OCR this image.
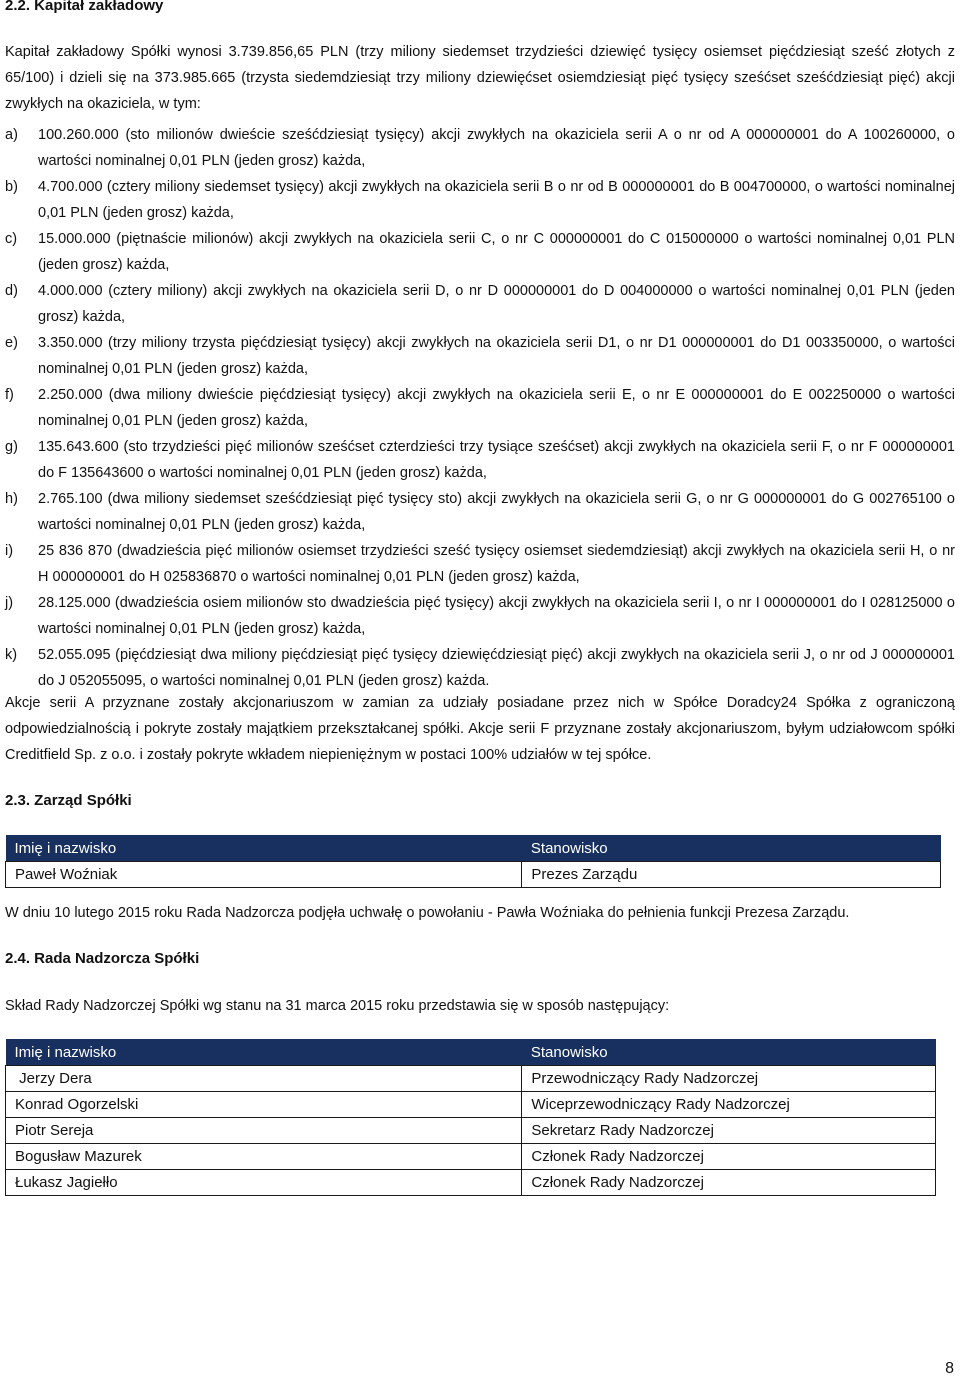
2.2. Kapitał zakładowy

Kapitał zakładowy Spółki wynosi 3.739.856,65 PLN (trzy miliony siedemset trzydzieści dziewięć tysięcy osiemset pięćdziesiąt sześć złotych z 65/100) i dzieli się na 373.985.665 (trzysta siedemdziesiąt trzy miliony dziewięćset osiemdziesiąt pięć tysięcy sześćset sześćdziesiąt pięć) akcji zwykłych na okaziciela, w tym:

a) 100.260.000 (sto milionów dwieście sześćdziesiąt tysięcy) akcji zwykłych na okaziciela serii A o nr od A 000000001 do A 100260000, o wartości nominalnej 0,01 PLN (jeden grosz) każda,
b) 4.700.000 (cztery miliony siedemset tysięcy) akcji zwykłych na okaziciela serii B o nr od B 000000001 do B 004700000, o wartości nominalnej 0,01 PLN (jeden grosz) każda,
c) 15.000.000 (piętnaście milionów) akcji zwykłych na okaziciela serii C, o nr C 000000001 do C 015000000 o wartości nominalnej 0,01 PLN (jeden grosz) każda,
d) 4.000.000 (cztery miliony) akcji zwykłych na okaziciela serii D, o nr D 000000001 do D 004000000 o wartości nominalnej 0,01 PLN (jeden grosz) każda,
e) 3.350.000 (trzy miliony trzysta pięćdziesiąt tysięcy) akcji zwykłych na okaziciela serii D1, o nr D1 000000001 do D1 003350000, o wartości nominalnej 0,01 PLN (jeden grosz) każda,
f) 2.250.000 (dwa miliony dwieście pięćdziesiąt tysięcy) akcji zwykłych na okaziciela serii E, o nr E 000000001 do E 002250000 o wartości nominalnej 0,01 PLN (jeden grosz) każda,
g) 135.643.600 (sto trzydzieści pięć milionów sześćset czterdzieści trzy tysiące sześćset) akcji zwykłych na okaziciela serii F, o nr F 000000001 do F 135643600 o wartości nominalnej 0,01 PLN (jeden grosz) każda,
h) 2.765.100 (dwa miliony siedemset sześćdziesiąt pięć tysięcy sto) akcji zwykłych na okaziciela serii G, o nr G 000000001 do G 002765100 o wartości nominalnej 0,01 PLN (jeden grosz) każda,
i) 25 836 870 (dwadzieścia pięć milionów osiemset trzydzieści sześć tysięcy osiemset siedemdziesiąt) akcji zwykłych na okaziciela serii H, o nr H 000000001 do H 025836870 o wartości nominalnej 0,01 PLN (jeden grosz) każda,
j) 28.125.000 (dwadzieścia osiem milionów sto dwadzieścia pięć tysięcy) akcji zwykłych na okaziciela serii I, o nr I 000000001 do I 028125000 o wartości nominalnej 0,01 PLN (jeden grosz) każda,
k) 52.055.095 (pięćdziesiąt dwa miliony pięćdziesiąt pięć tysięcy dziewięćdziesiąt pięć) akcji zwykłych na okaziciela serii J, o nr od J 000000001 do J 052055095, o wartości nominalnej 0,01 PLN (jeden grosz) każda.

Akcje serii A przyznane zostały akcjonariuszom w zamian za udziały posiadane przez nich w Spółce Doradcy24 Spółka z ograniczoną odpowiedzialnością i pokryte zostały majątkiem przekształcanej spółki. Akcje serii F przyznane zostały akcjonariuszom, byłym udziałowcom spółki Creditfield Sp. z o.o. i zostały pokryte wkładem niepieniężnym w postaci 100% udziałów w tej spółce.

2.3. Zarząd Spółki
Imię i nazwisko	Stanowisko
Paweł Woźniak	Prezes Zarządu

W dniu 10 lutego 2015 roku Rada Nadzorcza podjęła uchwałę o powołaniu - Pawła Woźniaka do pełnienia funkcji Prezesa Zarządu.

2.4. Rada Nadzorcza Spółki

Skład Rady Nadzorczej Spółki wg stanu na 31 marca 2015 roku przedstawia się w sposób następujący:

Imię i nazwisko	Stanowisko
Jerzy Dera	Przewodniczący Rady Nadzorczej
Konrad Ogorzelski	Wiceprzewodniczący Rady Nadzorczej
Piotr Sereja	Sekretarz Rady Nadzorczej
Bogusław Mazurek	Członek Rady Nadzorczej
Łukasz Jagiełło	Członek Rady Nadzorczej
8
